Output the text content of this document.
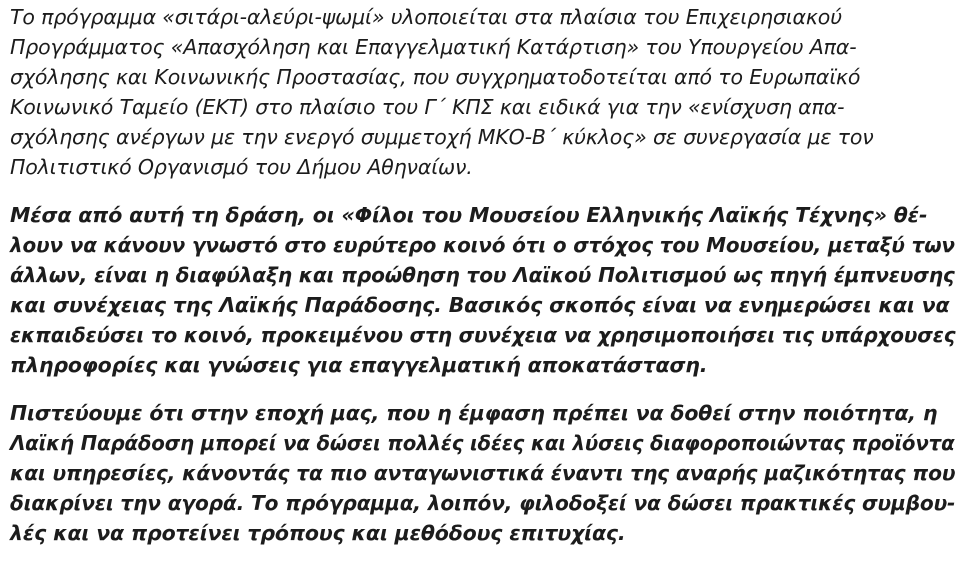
Το πρόγραμμα «σιτάρι-αλεύρι-ψωμί» υλοποιείται στα πλαίσια του Επιχειρησιακού
Προγράμματος «Απασχόληση και Επαγγελματική Κατάρτιση» του Υπουργείου Απα-
σχόλησης και Κοινωνικής Προστασίας, που συγχρηματοδοτείται από το Ευρωπαϊκό
Κοινωνικό Ταμείο (ΕΚΤ) στο πλαίσιο του Γ΄ ΚΠΣ και ειδικά για την «ενίσχυση απα-
σχόλησης ανέργων με την ενεργό συμμετοχή ΜΚΟ-Β΄ κύκλος» σε συνεργασία με τον
Πολιτιστικό Οργανισμό του Δήμου Αθηναίων.
Μέσα από αυτή τη δράση, οι «Φίλοι του Μουσείου Ελληνικής Λαϊκής Τέχνης» θέ-
λουν να κάνουν γνωστό στο ευρύτερο κοινό ότι ο στόχος του Μουσείου, μεταξύ των
άλλων, είναι η διαφύλαξη και προώθηση του Λαϊκού Πολιτισμού ως πηγή έμπνευσης
και συνέχειας της Λαϊκής Παράδοσης. Βασικός σκοπός είναι να ενημερώσει και να
εκπαιδεύσει το κοινό, προκειμένου στη συνέχεια να χρησιμοποιήσει τις υπάρχουσες
πληροφορίες και γνώσεις για επαγγελματική αποκατάσταση.
Πιστεύουμε ότι στην εποχή μας, που η έμφαση πρέπει να δοθεί στην ποιότητα, η
Λαϊκή Παράδοση μπορεί να δώσει πολλές ιδέες και λύσεις διαφοροποιώντας προϊόντα
και υπηρεσίες, κάνοντάς τα πιο ανταγωνιστικά έναντι της αναρής μαζικότητας που
διακρίνει την αγορά. Το πρόγραμμα, λοιπόν, φιλοδοξεί να δώσει πρακτικές συμβου-
λές και να προτείνει τρόπους και μεθόδους επιτυχίας.
